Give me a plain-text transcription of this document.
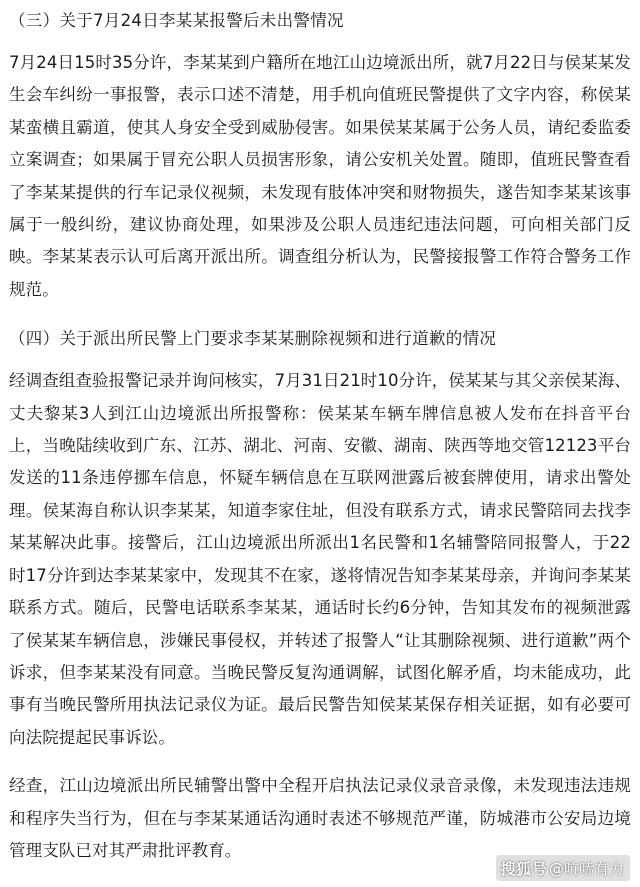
（三）关于7月24日李某某报警后未出警情况

7月24日15时35分许，李某某到户籍所在地江山边境派出所，就7月22日与侯某某发生会车纠纷一事报警，表示口述不清楚，用手机向值班民警提供了文字内容，称侯某某蛮横且霸道，使其人身安全受到威胁侵害。如果侯某某属于公务人员，请纪委监委立案调查；如果属于冒充公职人员损害形象，请公安机关处置。随即，值班民警查看了李某某提供的行车记录仪视频，未发现有肢体冲突和财物损失，遂告知李某某该事属于一般纠纷，建议协商处理，如果涉及公职人员违纪违法问题，可向相关部门反映。李某某表示认可后离开派出所。调查组分析认为，民警接报警工作符合警务工作规范。

（四）关于派出所民警上门要求李某某删除视频和进行道歉的情况

经调查组查验报警记录并询问核实，7月31日21时10分许，侯某某与其父亲侯某海、丈夫黎某3人到江山边境派出所报警称：侯某某车辆车牌信息被人发布在抖音平台上，当晚陆续收到广东、江苏、湖北、河南、安徽、湖南、陕西等地交管12123平台发送的11条违停挪车信息，怀疑车辆信息在互联网泄露后被套牌使用，请求出警处理。侯某海自称认识李某某，知道李家住址，但没有联系方式，请求民警陪同去找李某某解决此事。接警后，江山边境派出所派出1名民警和1名辅警陪同报警人，于22时17分许到达李某某家中，发现其不在家，遂将情况告知李某某母亲，并询问李某某联系方式。随后，民警电话联系李某某，通话时长约6分钟，告知其发布的视频泄露了侯某某车辆信息，涉嫌民事侵权，并转述了报警人“让其删除视频、进行道歉”两个诉求，但李某某没有同意。当晚民警反复沟通调解，试图化解矛盾，均未能成功，此事有当晚民警所用执法记录仪为证。最后民警告知侯某某保存相关证据，如有必要可向法院提起民事诉讼。

经查，江山边境派出所民辅警出警中全程开启执法记录仪录音录像，未发现违法违规和程序失当行为，但在与李某某通话沟通时表述不够规范严谨，防城港市公安局边境管理支队已对其严肃批评教育。

搜狐号 @吭哧有力
